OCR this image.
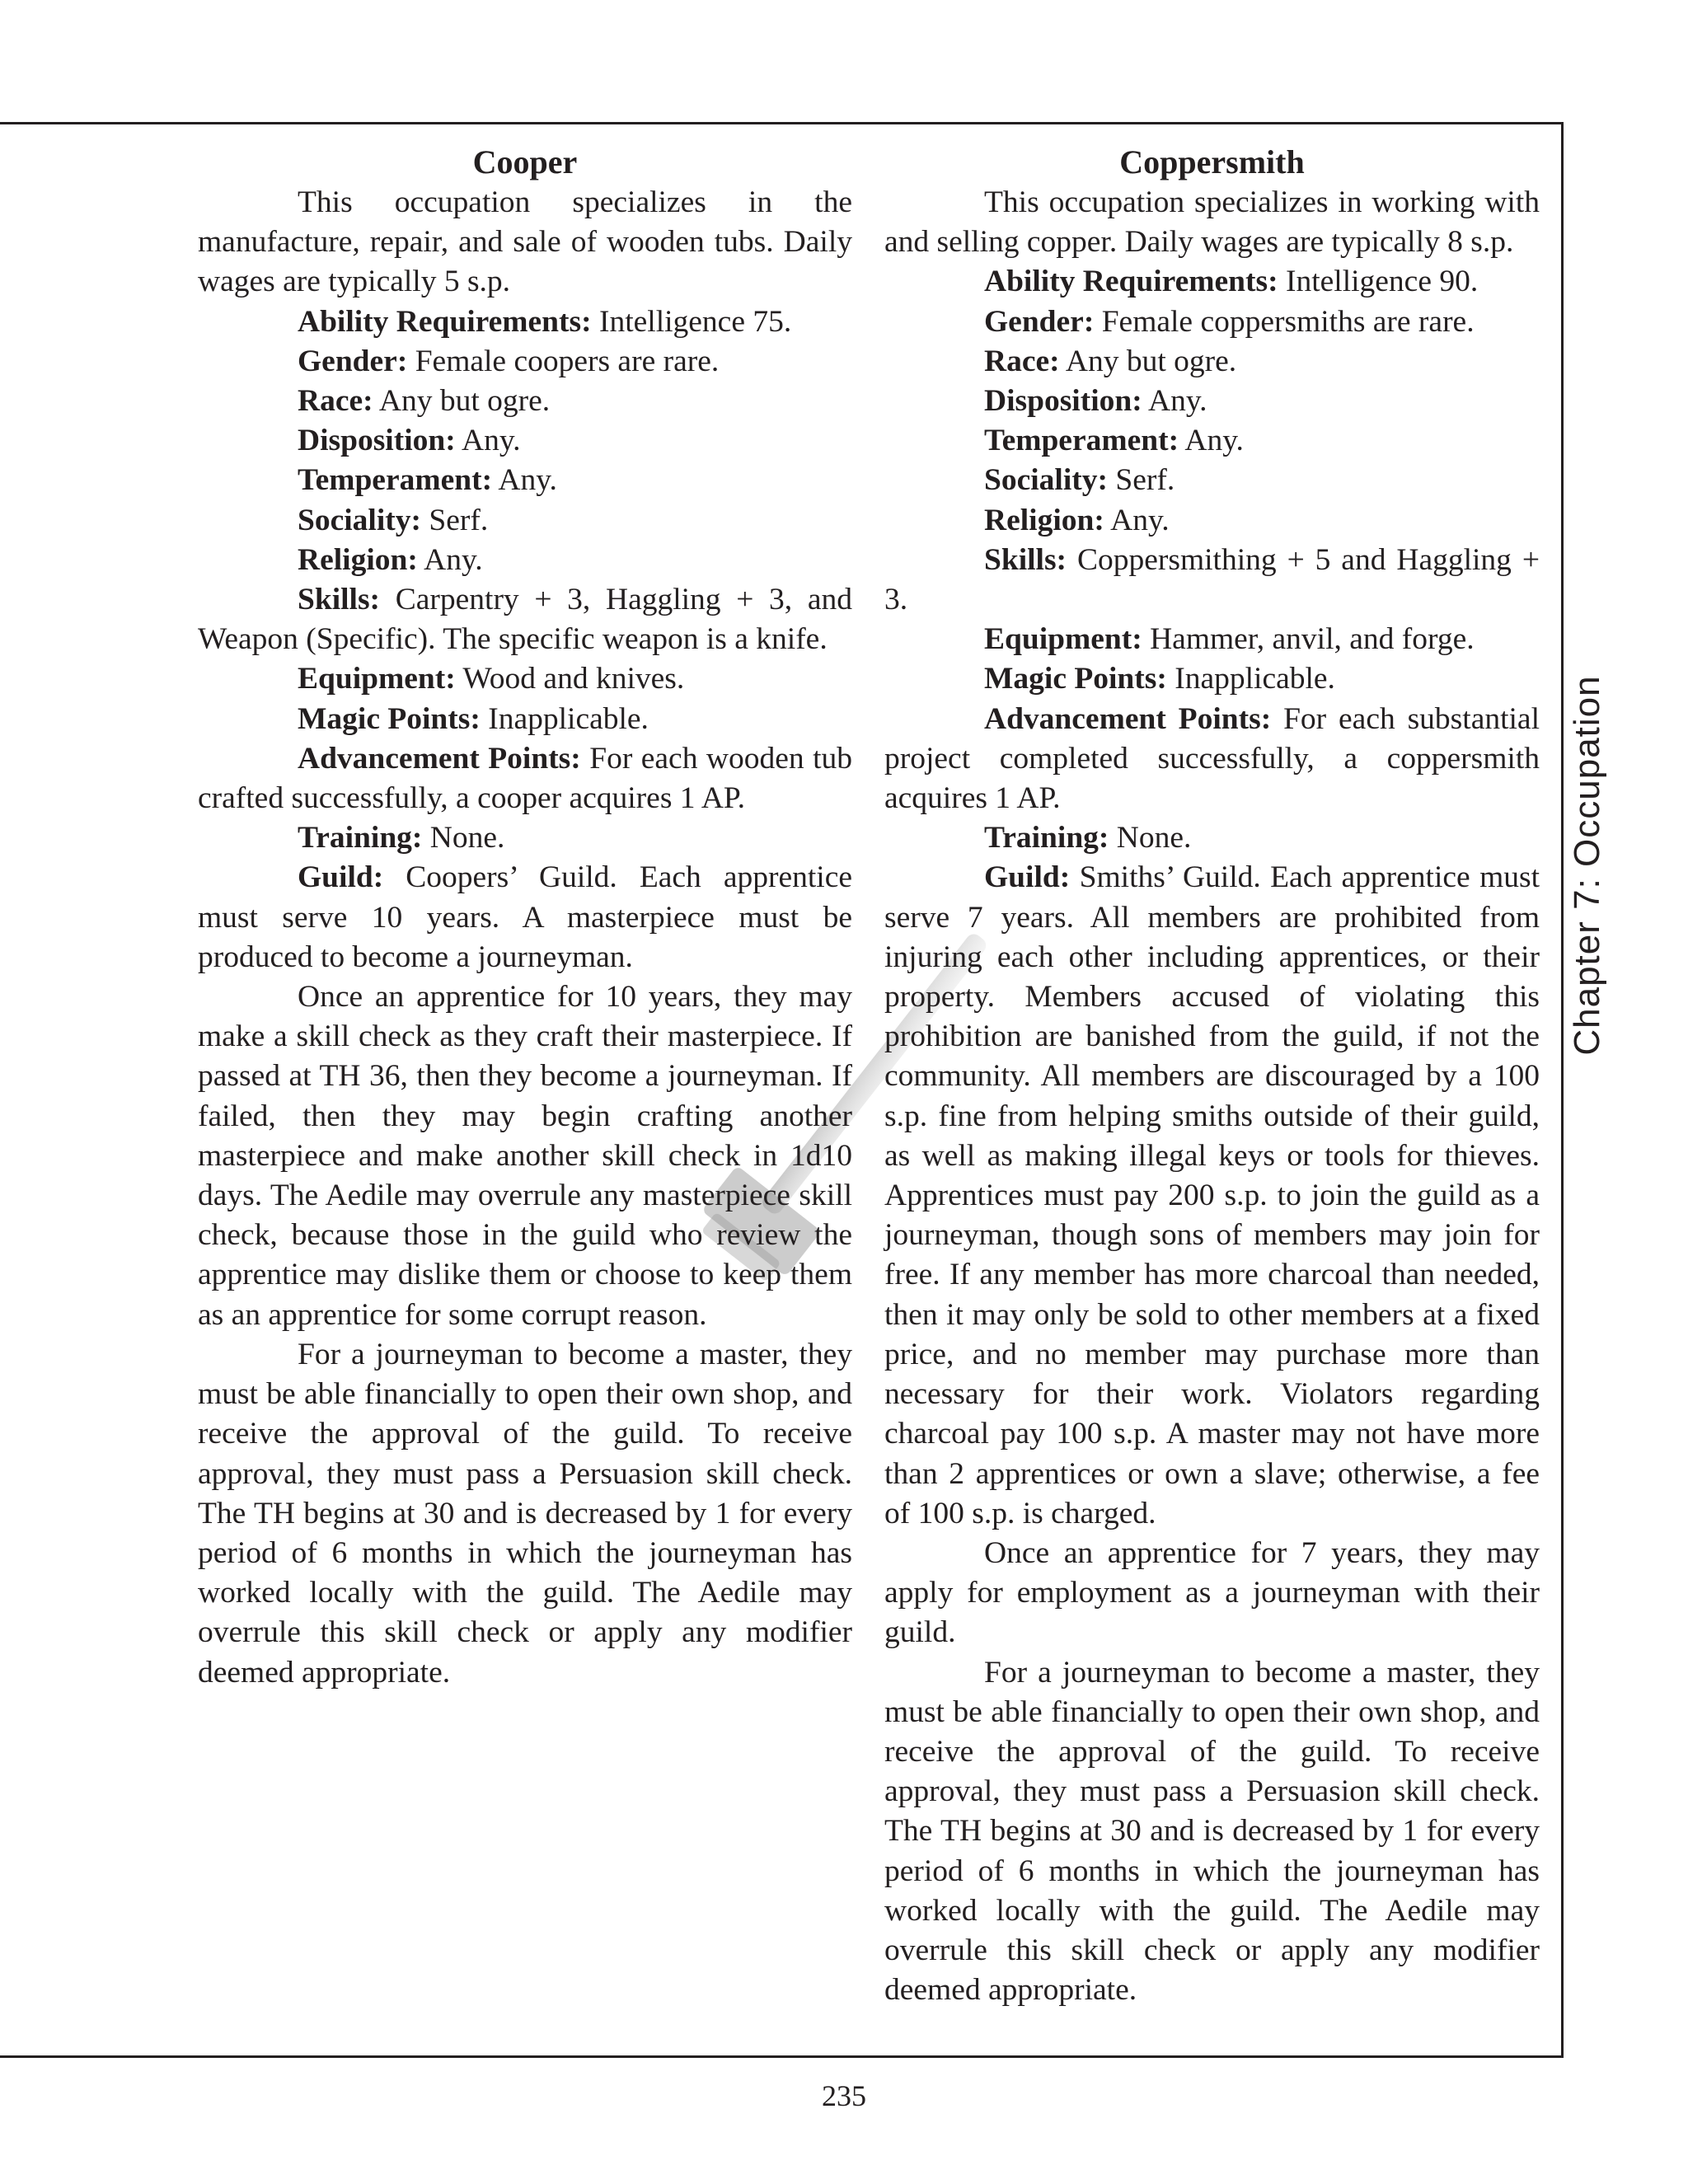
Cooper

This occupation specializes in the manufacture, repair, and sale of wooden tubs. Daily wages are typically 5 s.p.

Ability Requirements: Intelligence 75.

Gender: Female coopers are rare.

Race: Any but ogre.

Disposition: Any.

Temperament: Any.

Sociality: Serf.

Religion: Any.

Skills: Carpentry + 3, Haggling + 3, and Weapon (Specific). The specific weapon is a knife.

Equipment: Wood and knives.

Magic Points: Inapplicable.

Advancement Points: For each wooden tub crafted successfully, a cooper acquires 1 AP.

Training: None.

Guild: Coopers’ Guild. Each apprentice must serve 10 years. A masterpiece must be produced to become a journeyman.

Once an apprentice for 10 years, they may make a skill check as they craft their masterpiece. If passed at TH 36, then they become a journeyman. If failed, then they may begin crafting another masterpiece and make another skill check in 1d10 days. The Aedile may overrule any masterpiece skill check, because those in the guild who review the apprentice may dislike them or choose to keep them as an apprentice for some corrupt reason.

For a journeyman to become a master, they must be able financially to open their own shop, and receive the approval of the guild. To receive approval, they must pass a Persuasion skill check. The TH begins at 30 and is decreased by 1 for every period of 6 months in which the journeyman has worked locally with the guild. The Aedile may overrule this skill check or apply any modifier deemed appropriate.

Coppersmith

This occupation specializes in working with and selling copper. Daily wages are typically 8 s.p.

Ability Requirements: Intelligence 90.

Gender: Female coppersmiths are rare.

Race: Any but ogre.

Disposition: Any.

Temperament: Any.

Sociality: Serf.

Religion: Any.

Skills: Coppersmithing + 5 and Haggling + 3.

Equipment: Hammer, anvil, and forge.

Magic Points: Inapplicable.

Advancement Points: For each substantial project completed successfully, a coppersmith acquires 1 AP.

Training: None.

Guild: Smiths’ Guild. Each apprentice must serve 7 years. All members are prohibited from injuring each other including apprentices, or their property. Members accused of violating this prohibition are banished from the guild, if not the community. All members are discouraged by a 100 s.p. fine from helping smiths outside of their guild, as well as making illegal keys or tools for thieves. Apprentices must pay 200 s.p. to join the guild as a journeyman, though sons of members may join for free. If any member has more charcoal than needed, then it may only be sold to other members at a fixed price, and no member may purchase more than necessary for their work. Violators regarding charcoal pay 100 s.p. A master may not have more than 2 apprentices or own a slave; otherwise, a fee of 100 s.p. is charged.

Once an apprentice for 7 years, they may apply for employment as a journeyman with their guild.

For a journeyman to become a master, they must be able financially to open their own shop, and receive the approval of the guild. To receive approval, they must pass a Persuasion skill check. The TH begins at 30 and is decreased by 1 for every period of 6 months in which the journeyman has worked locally with the guild. The Aedile may overrule this skill check or apply any modifier deemed appropriate.

Chapter 7: Occupation
235
